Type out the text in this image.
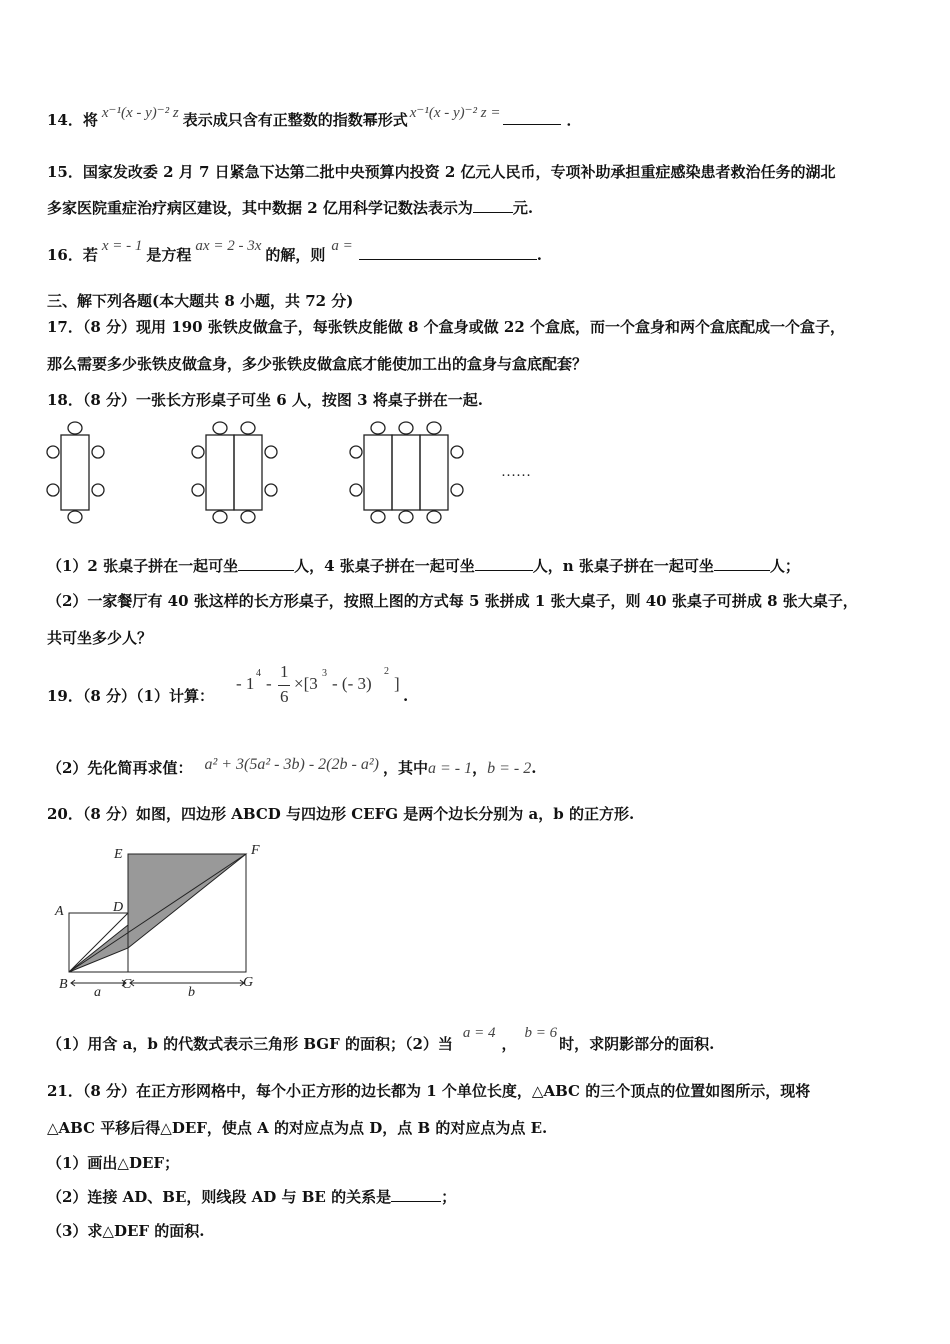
14．将 x⁻¹(x - y)⁻² z 表示成只含有正整数的指数幂形式 x⁻¹(x - y)⁻² z =	．
15．国家发改委 2 月 7 日紧急下达第二批中央预算内投资 2 亿元人民币，专项补助承担重症感染患者救治任务的湖北
多家医院重症治疗病区建设，其中数据 2 亿用科学记数法表示为	元.
16．若 x = - 1 是方程 ax = 2 - 3x 的解，则 a =	.
三、解下列各题(本大题共 8 小题，共 72 分)
17．（8 分）现用 190 张铁皮做盒子，每张铁皮能做 8 个盒身或做 22 个盒底，而一个盒身和两个盒底配成一个盒子，
那么需要多少张铁皮做盒身，多少张铁皮做盒底才能使加工出的盒身与盒底配套？
18．（8 分）一张长方形桌子可坐 6 人，按图 3 将桌子拼在一起.
……
（1）2 张桌子拼在一起可坐	人，4 张桌子拼在一起可坐	人，n 张桌子拼在一起可坐	人；
（2）一家餐厅有 40 张这样的长方形桌子，按照上图的方式每 5 张拼成 1 张大桌子，则 40 张桌子可拼成 8 张大桌子，
共可坐多少人？
19．（8 分）（1）计算：
- 1
4
-
1
6
×[3
3
- (- 3)
2
]
.
（2）先化简再求值： a² + 3(5a² - 3b) - 2(2b - a²) ，其中a = - 1，b = - 2.
20．（8 分）如图，四边形 ABCD 与四边形 CEFG 是两个边长分别为 a，b 的正方形.
E	F
A	D
B	C	G
a	b
（1）用含 a，b 的代数式表示三角形 BGF 的面积；（2）当a = 4，b = 6时，求阴影部分的面积.
21．（8 分）在正方形网格中，每个小正方形的边长都为 1 个单位长度，△ABC 的三个顶点的位置如图所示，现将
△ABC 平移后得△DEF，使点 A 的对应点为点 D，点 B 的对应点为点 E.
（1）画出△DEF；
（2）连接 AD、BE，则线段 AD 与 BE 的关系是	；
（3）求△DEF 的面积.
